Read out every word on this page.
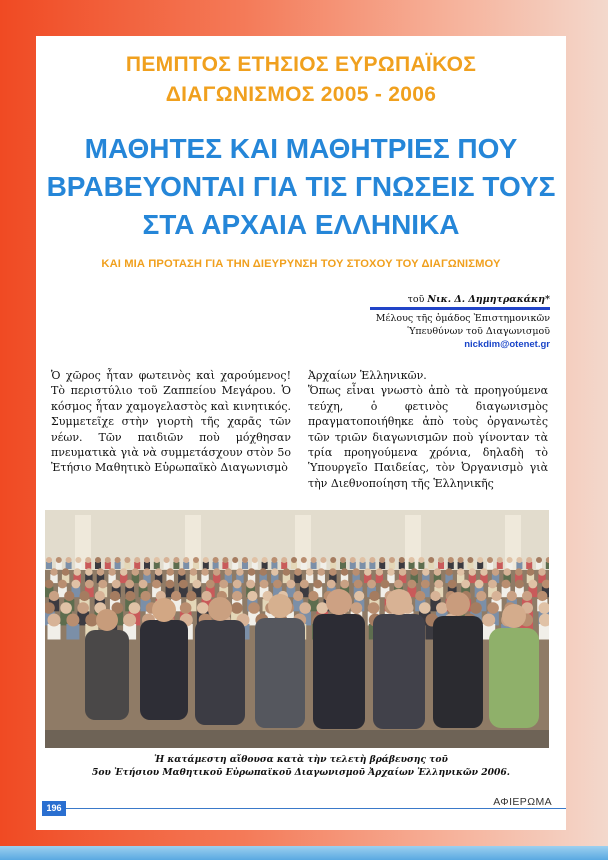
ΠΕΜΠΤΟΣ ΕΤΗΣΙΟΣ ΕΥΡΩΠΑΪΚΟΣ
ΔΙΑΓΩΝΙΣΜΟΣ 2005 - 2006
ΜΑΘΗΤΕΣ ΚΑΙ ΜΑΘΗΤΡΙΕΣ ΠΟΥ
ΒΡΑΒΕΥΟΝΤΑΙ ΓΙΑ ΤΙΣ ΓΝΩΣΕΙΣ ΤΟΥΣ
ΣΤΑ ΑΡΧΑΙΑ ΕΛΛΗΝΙΚΑ
ΚΑΙ ΜΙΑ ΠΡΟΤΑΣΗ ΓΙΑ ΤΗΝ ΔΙΕΥΡΥΝΣΗ ΤΟΥ ΣΤΟΧΟΥ ΤΟΥ ΔΙΑΓΩΝΙΣΜΟΥ
τοῦ Νικ. Δ. Δημητρακάκη*
Μέλους τῆς ὁμάδος Ἐπιστημονικῶν
Ὑπευθύνων τοῦ Διαγωνισμοῦ
nickdim@otenet.gr
Ὁ χῶρος ἦταν φωτεινὸς καὶ χαρούμενος! Τὸ περιστύλιο τοῦ Ζαππείου Μεγάρου. Ὁ κόσμος ἦταν χαμογελαστὸς καὶ κινητικός. Συμμετεῖχε στὴν γιορτὴ τῆς χαρᾶς τῶν νέων. Τῶν παιδιῶν ποὺ μόχθησαν πνευματικὰ γιὰ νὰ συμμετάσχουν στὸν 5ο Ἐτήσιο Μαθητικὸ Εὐρωπαϊκὸ Διαγωνισμὸ
Ἀρχαίων Ἑλληνικῶν.
Ὅπως εἶναι γνωστὸ ἀπὸ τὰ προηγούμενα τεύχη, ὁ φετινὸς διαγωνισμὸς πραγματοποιήθηκε ἀπὸ τοὺς ὀργανωτὲς τῶν τριῶν διαγωνισμῶν ποὺ γίνονταν τὰ τρία προηγούμενα χρόνια, δηλαδὴ τὸ Ὑπουργεῖο Παιδείας, τὸν Ὀργανισμὸ γιὰ τὴν Διεθνοποίηση τῆς Ἑλληνικῆς
Ἡ κατάμεστη αἴθουσα κατὰ τὴν τελετὴ βράβευσης τοῦ
5ου Ἐτήσιου Μαθητικοῦ Εὐρωπαϊκοῦ Διαγωνισμοῦ Ἀρχαίων Ἑλληνικῶν 2006.
196	ΑΦΙΕΡΩΜΑ
